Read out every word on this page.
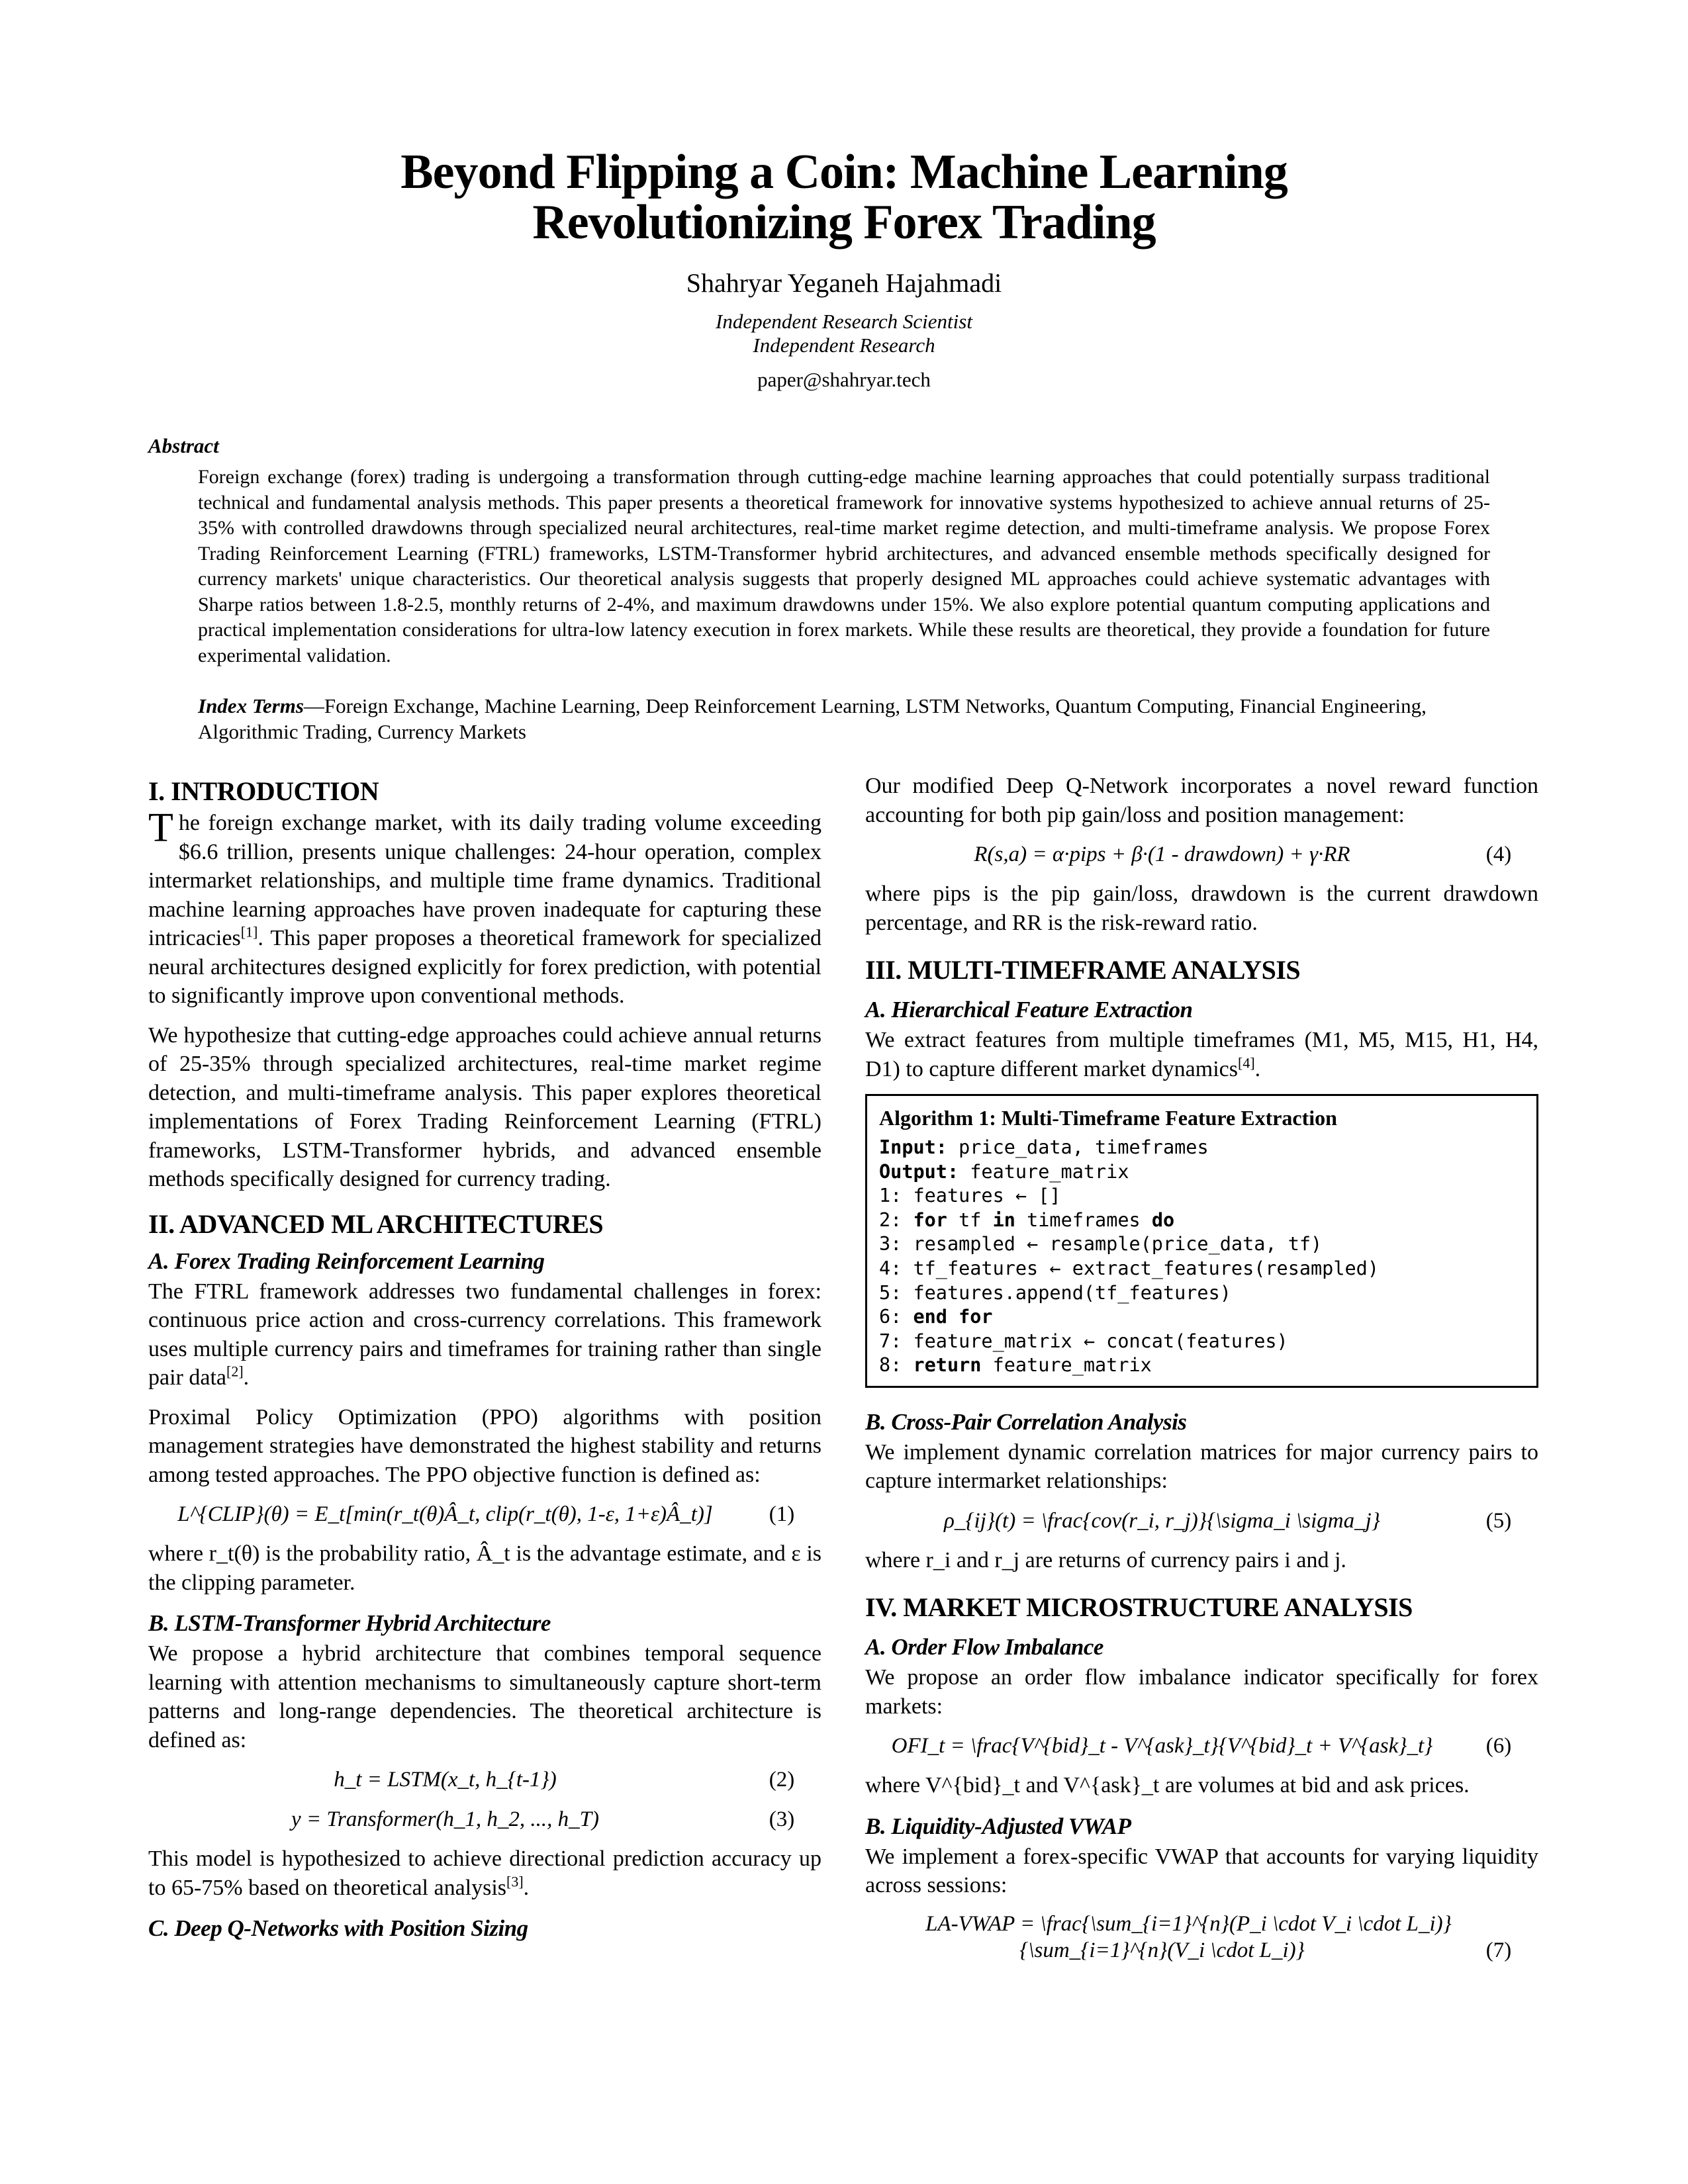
Beyond Flipping a Coin: Machine Learning
Revolutionizing Forex Trading
Shahryar Yeganeh Hajahmadi
Independent Research Scientist
Independent Research
paper@shahryar.tech
Abstract
Foreign exchange (forex) trading is undergoing a transformation through cutting-edge machine learning approaches that could potentially surpass traditional technical and fundamental analysis methods. This paper presents a theoretical framework for innovative systems hypothesized to achieve annual returns of 25-35% with controlled drawdowns through specialized neural architectures, real-time market regime detection, and multi-timeframe analysis. We propose Forex Trading Reinforcement Learning (FTRL) frameworks, LSTM-Transformer hybrid architectures, and advanced ensemble methods specifically designed for currency markets' unique characteristics. Our theoretical analysis suggests that properly designed ML approaches could achieve systematic advantages with Sharpe ratios between 1.8-2.5, monthly returns of 2-4%, and maximum drawdowns under 15%. We also explore potential quantum computing applications and practical implementation considerations for ultra-low latency execution in forex markets. While these results are theoretical, they provide a foundation for future experimental validation.
Index Terms—Foreign Exchange, Machine Learning, Deep Reinforcement Learning, LSTM Networks, Quantum Computing, Financial Engineering, Algorithmic Trading, Currency Markets
I. INTRODUCTION

The foreign exchange market, with its daily trading volume exceeding $6.6 trillion, presents unique challenges: 24-hour operation, complex intermarket relationships, and multiple time frame dynamics. Traditional machine learning approaches have proven inadequate for capturing these intricacies[1]. This paper proposes a theoretical framework for specialized neural architectures designed explicitly for forex prediction, with potential to significantly improve upon conventional methods.

We hypothesize that cutting-edge approaches could achieve annual returns of 25-35% through specialized architectures, real-time market regime detection, and multi-timeframe analysis. This paper explores theoretical implementations of Forex Trading Reinforcement Learning (FTRL) frameworks, LSTM-Transformer hybrids, and advanced ensemble methods specifically designed for currency trading.

II. ADVANCED ML ARCHITECTURES
A. Forex Trading Reinforcement Learning

The FTRL framework addresses two fundamental challenges in forex: continuous price action and cross-currency correlations. This framework uses multiple currency pairs and timeframes for training rather than single pair data[2].

Proximal Policy Optimization (PPO) algorithms with position management strategies have demonstrated the highest stability and returns among tested approaches. The PPO objective function is defined as:

L^{CLIP}(θ) = E_t[min(r_t(θ)Â_t, clip(r_t(θ), 1-ε, 1+ε)Â_t)]	(1)

where r_t(θ) is the probability ratio, Â_t is the advantage estimate, and ε is the clipping parameter.

B. LSTM-Transformer Hybrid Architecture

We propose a hybrid architecture that combines temporal sequence learning with attention mechanisms to simultaneously capture short-term patterns and long-range dependencies. The theoretical architecture is defined as:

h_t = LSTM(x_t, h_{t-1})	(2)
y = Transformer(h_1, h_2, ..., h_T)	(3)

This model is hypothesized to achieve directional prediction accuracy up to 65-75% based on theoretical analysis[3].

C. Deep Q-Networks with Position Sizing

Our modified Deep Q-Network incorporates a novel reward function accounting for both pip gain/loss and position management:

R(s,a) = α·pips + β·(1 - drawdown) + γ·RR	(4)

where pips is the pip gain/loss, drawdown is the current drawdown percentage, and RR is the risk-reward ratio.

III. MULTI-TIMEFRAME ANALYSIS
A. Hierarchical Feature Extraction

We extract features from multiple timeframes (M1, M5, M15, H1, H4, D1) to capture different market dynamics[4].

Algorithm 1: Multi-Timeframe Feature Extraction
Input: price_data, timeframes
Output: feature_matrix
1: features ← []
2: for tf in timeframes do
3: resampled ← resample(price_data, tf)
4: tf_features ← extract_features(resampled)
5: features.append(tf_features)
6: end for
7: feature_matrix ← concat(features)
8: return feature_matrix
B. Cross-Pair Correlation Analysis

We implement dynamic correlation matrices for major currency pairs to capture intermarket relationships:

ρ_{ij}(t) = \frac{cov(r_i, r_j)}{\sigma_i \sigma_j}	(5)

where r_i and r_j are returns of currency pairs i and j.

IV. MARKET MICROSTRUCTURE ANALYSIS
A. Order Flow Imbalance

We propose an order flow imbalance indicator specifically for forex markets:

OFI_t = \frac{V^{bid}_t - V^{ask}_t}{V^{bid}_t + V^{ask}_t}	(6)

where V^{bid}_t and V^{ask}_t are volumes at bid and ask prices.

B. Liquidity-Adjusted VWAP

We implement a forex-specific VWAP that accounts for varying liquidity across sessions:

LA-VWAP = \frac{\sum_{i=1}^{n}(P_i \cdot V_i \cdot L_i)}
{\sum_{i=1}^{n}(V_i \cdot L_i)}	(7)
